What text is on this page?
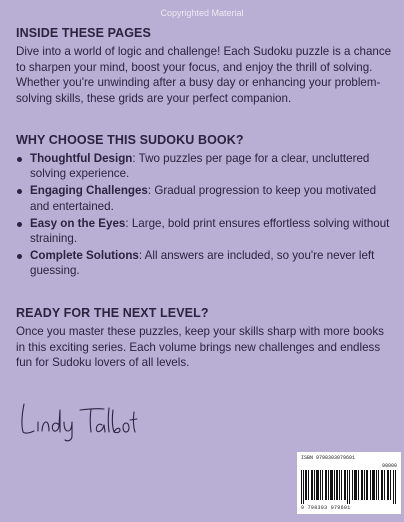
Copyrighted Material
INSIDE THESE PAGES
Dive into a world of logic and challenge! Each Sudoku puzzle is a chance to sharpen your mind, boost your focus, and enjoy the thrill of solving. Whether you're unwinding after a busy day or enhancing your problem-solving skills, these grids are your perfect companion.
WHY CHOOSE THIS SUDOKU BOOK?
Thoughtful Design: Two puzzles per page for a clear, uncluttered solving experience.
Engaging Challenges: Gradual progression to keep you motivated and entertained.
Easy on the Eyes: Large, bold print ensures effortless solving without straining.
Complete Solutions: All answers are included, so you're never left guessing.
READY FOR THE NEXT LEVEL?
Once you master these puzzles, keep your skills sharp with more books in this exciting series. Each volume brings new challenges and endless fun for Sudoku lovers of all levels.
ISBN 9798303079601
90000
9 798303 079601
